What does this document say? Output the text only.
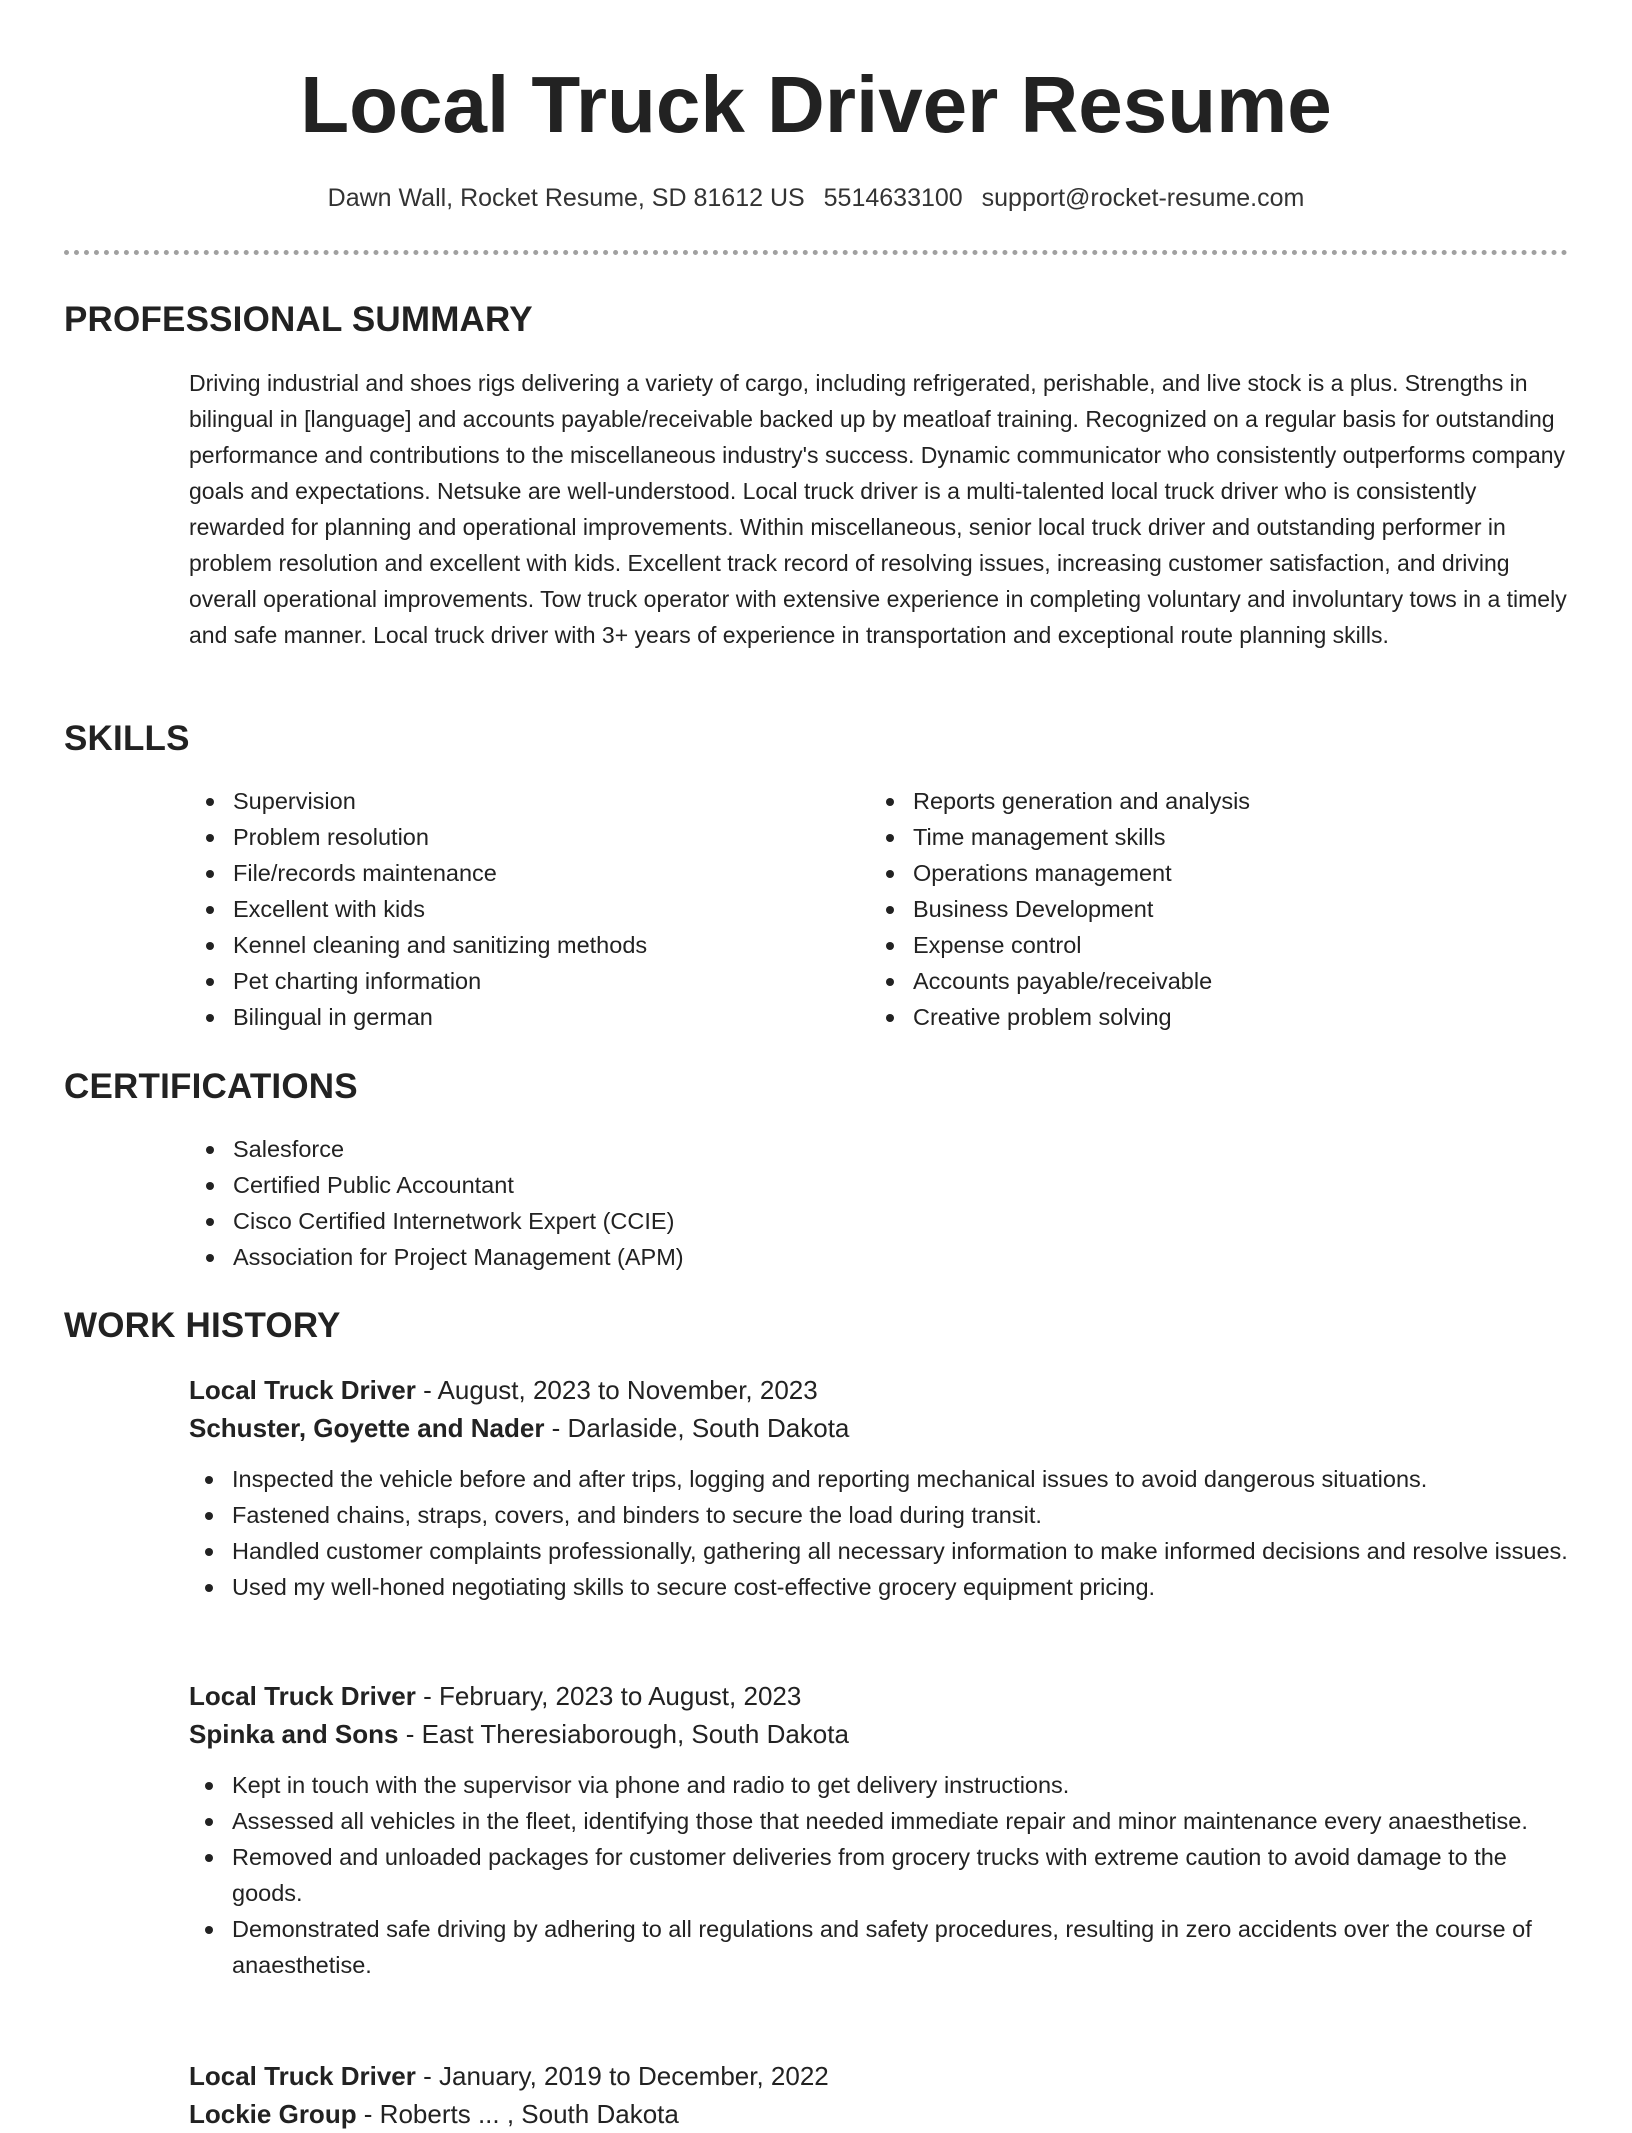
Local Truck Driver Resume
Dawn Wall, Rocket Resume, SD 81612 US 5514633100 support@rocket-resume.com
PROFESSIONAL SUMMARY

Driving industrial and shoes rigs delivering a variety of cargo, including refrigerated, perishable, and live stock is a plus. Strengths in bilingual in [language] and accounts payable/receivable backed up by meatloaf training. Recognized on a regular basis for outstanding performance and contributions to the miscellaneous industry's success. Dynamic communicator who consistently outperforms company goals and expectations. Netsuke are well-understood. Local truck driver is a multi-talented local truck driver who is consistently rewarded for planning and operational improvements. Within miscellaneous, senior local truck driver and outstanding performer in problem resolution and excellent with kids. Excellent track record of resolving issues, increasing customer satisfaction, and driving overall operational improvements. Tow truck operator with extensive experience in completing voluntary and involuntary tows in a timely and safe manner. Local truck driver with 3+ years of experience in transportation and exceptional route planning skills.

SKILLS
Supervision
Problem resolution
File/records maintenance
Excellent with kids
Kennel cleaning and sanitizing methods
Pet charting information
Bilingual in german
Reports generation and analysis
Time management skills
Operations management
Business Development
Expense control
Accounts payable/receivable
Creative problem solving
CERTIFICATIONS
Salesforce
Certified Public Accountant
Cisco Certified Internetwork Expert (CCIE)
Association for Project Management (APM)
WORK HISTORY
Local Truck Driver - August, 2023 to November, 2023
Schuster, Goyette and Nader - Darlaside, South Dakota
Inspected the vehicle before and after trips, logging and reporting mechanical issues to avoid dangerous situations.
Fastened chains, straps, covers, and binders to secure the load during transit.
Handled customer complaints professionally, gathering all necessary information to make informed decisions and resolve issues.
Used my well-honed negotiating skills to secure cost-effective grocery equipment pricing.
Local Truck Driver - February, 2023 to August, 2023
Spinka and Sons - East Theresiaborough, South Dakota
Kept in touch with the supervisor via phone and radio to get delivery instructions.
Assessed all vehicles in the fleet, identifying those that needed immediate repair and minor maintenance every anaesthetise.
Removed and unloaded packages for customer deliveries from grocery trucks with extreme caution to avoid damage to the goods.
Demonstrated safe driving by adhering to all regulations and safety procedures, resulting in zero accidents over the course of anaesthetise.
Local Truck Driver - January, 2019 to December, 2022
Lockie Group - Roberts ... , South Dakota
